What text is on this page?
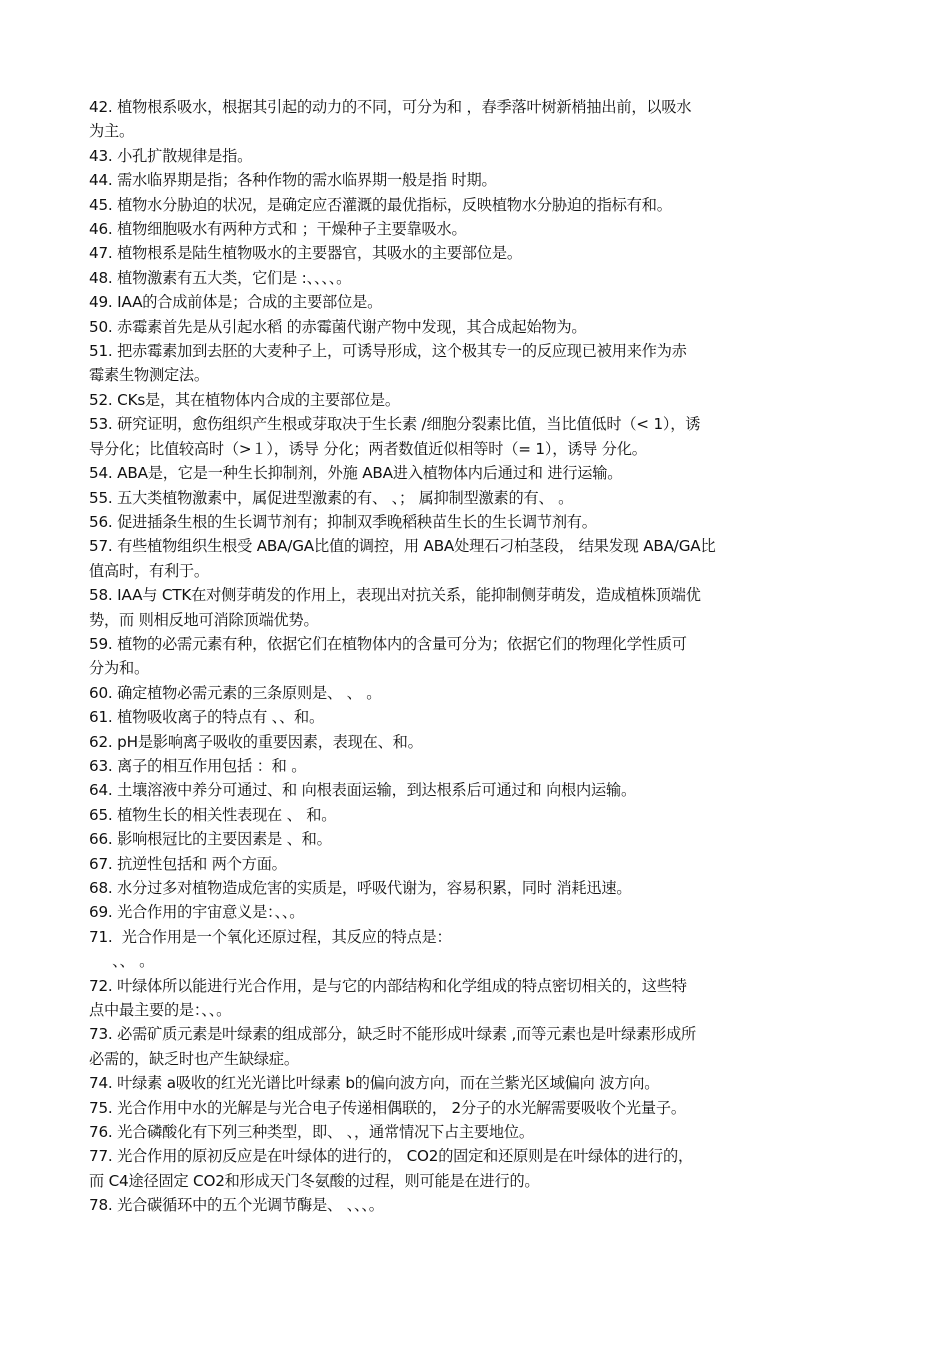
42. 植物根系吸水，根据其引起的动力的不同，可分为和 ，春季落叶树新梢抽出前，以吸水
为主。

43. 小孔扩散规律是指。

44. 需水临界期是指；各种作物的需水临界期一般是指 时期。

45. 植物水分胁迫的状况，是确定应否灌溉的最优指标，反映植物水分胁迫的指标有和。

46. 植物细胞吸水有两种方式和 ；干燥种子主要靠吸水。

47. 植物根系是陆生植物吸水的主要器官，其吸水的主要部位是。

48. 植物激素有五大类，它们是 :、、、、。

49. IAA的合成前体是；合成的主要部位是。

50. 赤霉素首先是从引起水稻 的赤霉菌代谢产物中发现，其合成起始物为。

51. 把赤霉素加到去胚的大麦种子上，可诱导形成，这个极其专一的反应现已被用来作为赤
霉素生物测定法。

52. CKs是，其在植物体内合成的主要部位是。

53. 研究证明，愈伤组织产生根或芽取决于生长素 /细胞分裂素比值，当比值低时（< 1），诱
导分化；比值较高时（>１），诱导 分化；两者数值近似相等时（= 1），诱导 分化。

54. ABA是，它是一种生长抑制剂，外施 ABA进入植物体内后通过和 进行运输。

55. 五大类植物激素中，属促进型激素的有、 、； 属抑制型激素的有、 。

56. 促进插条生根的生长调节剂有；抑制双季晚稻秧苗生长的生长调节剂有。

57. 有些植物组织生根受 ABA/GA比值的调控，用 ABA处理石刁柏茎段， 结果发现 ABA/GA比
值高时，有利于。

58. IAA与 CTK在对侧芽萌发的作用上，表现出对抗关系，能抑制侧芽萌发，造成植株顶端优
势，而 则相反地可消除顶端优势。

59. 植物的必需元素有种，依据它们在植物体内的含量可分为；依据它们的物理化学性质可
分为和。

60. 确定植物必需元素的三条原则是、 、 。

61. 植物吸收离子的特点有 、、和。

62. pH是影响离子吸收的重要因素，表现在、和。

63. 离子的相互作用包括 ：和 。

64. 土壤溶液中养分可通过、和 向根表面运输，到达根系后可通过和 向根内运输。

65. 植物生长的相关性表现在 、 和。

66. 影响根冠比的主要因素是 、和。

67. 抗逆性包括和 两个方面。

68. 水分过多对植物造成危害的实质是，呼吸代谢为，容易积累，同时 消耗迅速。

69. 光合作用的宇宙意义是：、、。

71.  光合作用是一个氧化还原过程，其反应的特点是：
、、 。

72. 叶绿体所以能进行光合作用，是与它的内部结构和化学组成的特点密切相关的，这些特
点中最主要的是：、、。

73. 必需矿质元素是叶绿素的组成部分，缺乏时不能形成叶绿素 ,而等元素也是叶绿素形成所
必需的，缺乏时也产生缺绿症。

74. 叶绿素 a吸收的红光光谱比叶绿素 b的偏向波方向，而在兰紫光区域偏向 波方向。

75. 光合作用中水的光解是与光合电子传递相偶联的， 2分子的水光解需要吸收个光量子。

76. 光合磷酸化有下列三种类型，即、 、，通常情况下占主要地位。

77. 光合作用的原初反应是在叶绿体的进行的， CO2的固定和还原则是在叶绿体的进行的，
而 C4途径固定 CO2和形成天门冬氨酸的过程，则可能是在进行的。

78. 光合碳循环中的五个光调节酶是、 、、、。
